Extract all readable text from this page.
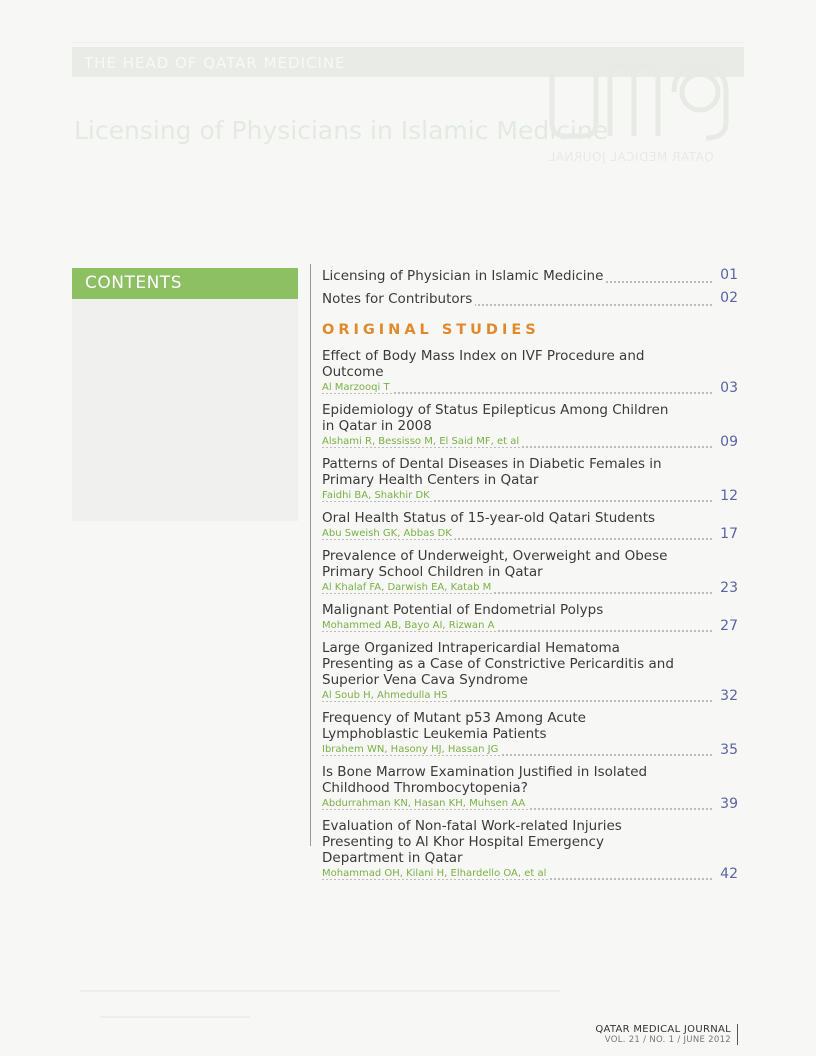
THE HEAD OF QATAR MEDICINE
Licensing of Physicians in Islamic Medicine
QATAR MEDICAL JOURNAL
CONTENTS	Licensing of Physician in Islamic Medicine	01
Notes for Contributors	02
ORIGINAL STUDIES
Effect of Body Mass Index on IVF Procedure and Outcome
Al Marzooqi T	03
Epidemiology of Status Epilepticus Among Children in Qatar in 2008
Alshami R, Bessisso M, El Said MF, et al	09
Patterns of Dental Diseases in Diabetic Females in Primary Health Centers in Qatar
Faidhi BA, Shakhir DK	12
Oral Health Status of 15-year-old Qatari Students
Abu Sweish GK, Abbas DK	17
Prevalence of Underweight, Overweight and Obese Primary School Children in Qatar
Al Khalaf FA, Darwish EA, Katab M	23
Malignant Potential of Endometrial Polyps
Mohammed AB, Bayo AI, Rizwan A	27
Large Organized Intrapericardial Hematoma Presenting as a Case of Constrictive Pericarditis and Superior Vena Cava Syndrome
Al Soub H, Ahmedulla HS	32
Frequency of Mutant p53 Among Acute Lymphoblastic Leukemia Patients
Ibrahem WN, Hasony HJ, Hassan JG	35
Is Bone Marrow Examination Justified in Isolated Childhood Thrombocytopenia?
Abdurrahman KN, Hasan KH, Muhsen AA	39
Evaluation of Non-fatal Work-related Injuries Presenting to Al Khor Hospital Emergency Department in Qatar
Mohammad OH, Kilani H, Elhardello OA, et al	42
QATAR MEDICAL JOURNAL
VOL. 21 / NO. 1 / JUNE 2012
